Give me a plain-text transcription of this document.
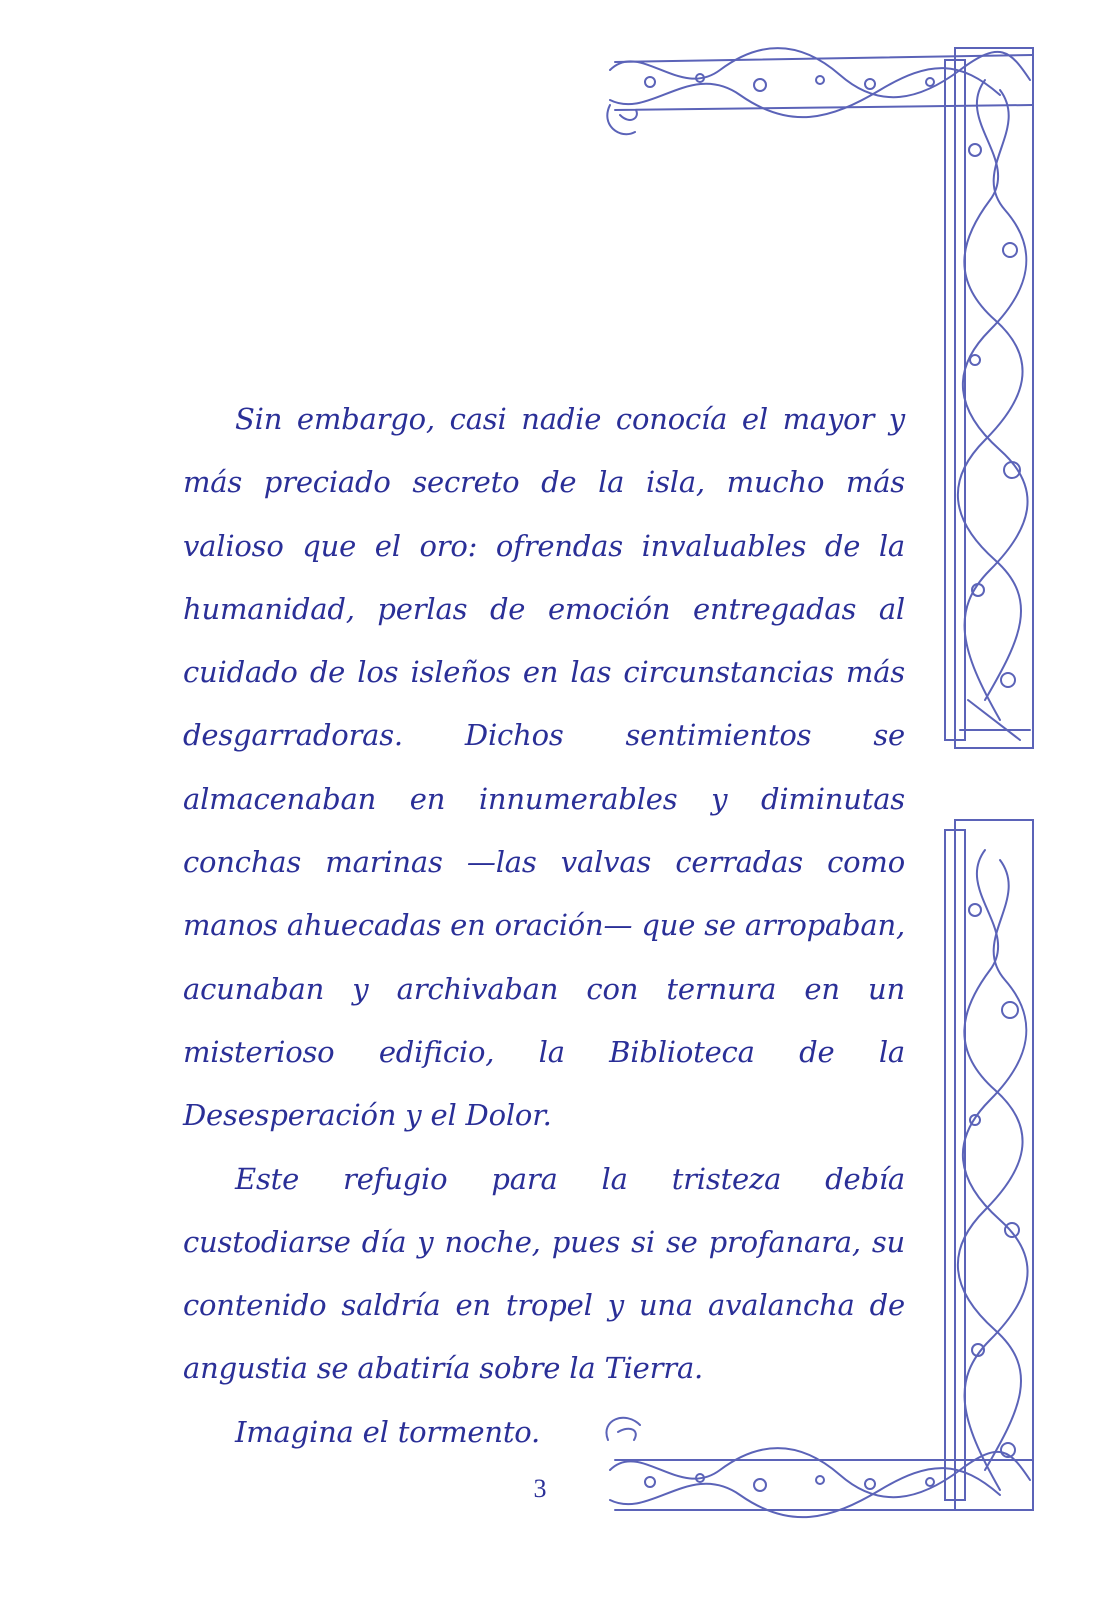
Sin embargo, casi nadie conocía el mayor y más preciado secreto de la isla, mucho más valioso que el oro: ofrendas invaluables de la humanidad, perlas de emoción entregadas al cuidado de los isleños en las circunstancias más desgarradoras. Dichos sentimientos se almacenaban en innumerables y diminutas conchas marinas —las valvas cerradas como manos ahuecadas en oración— que se arropaban, acunaban y archivaban con ternura en un misterioso edificio, la Biblioteca de la Desesperación y el Dolor.

Este refugio para la tristeza debía custodiarse día y noche, pues si se profanara, su contenido saldría en tropel y una avalancha de angustia se abatiría sobre la Tierra.

Imagina el tormento.

3
